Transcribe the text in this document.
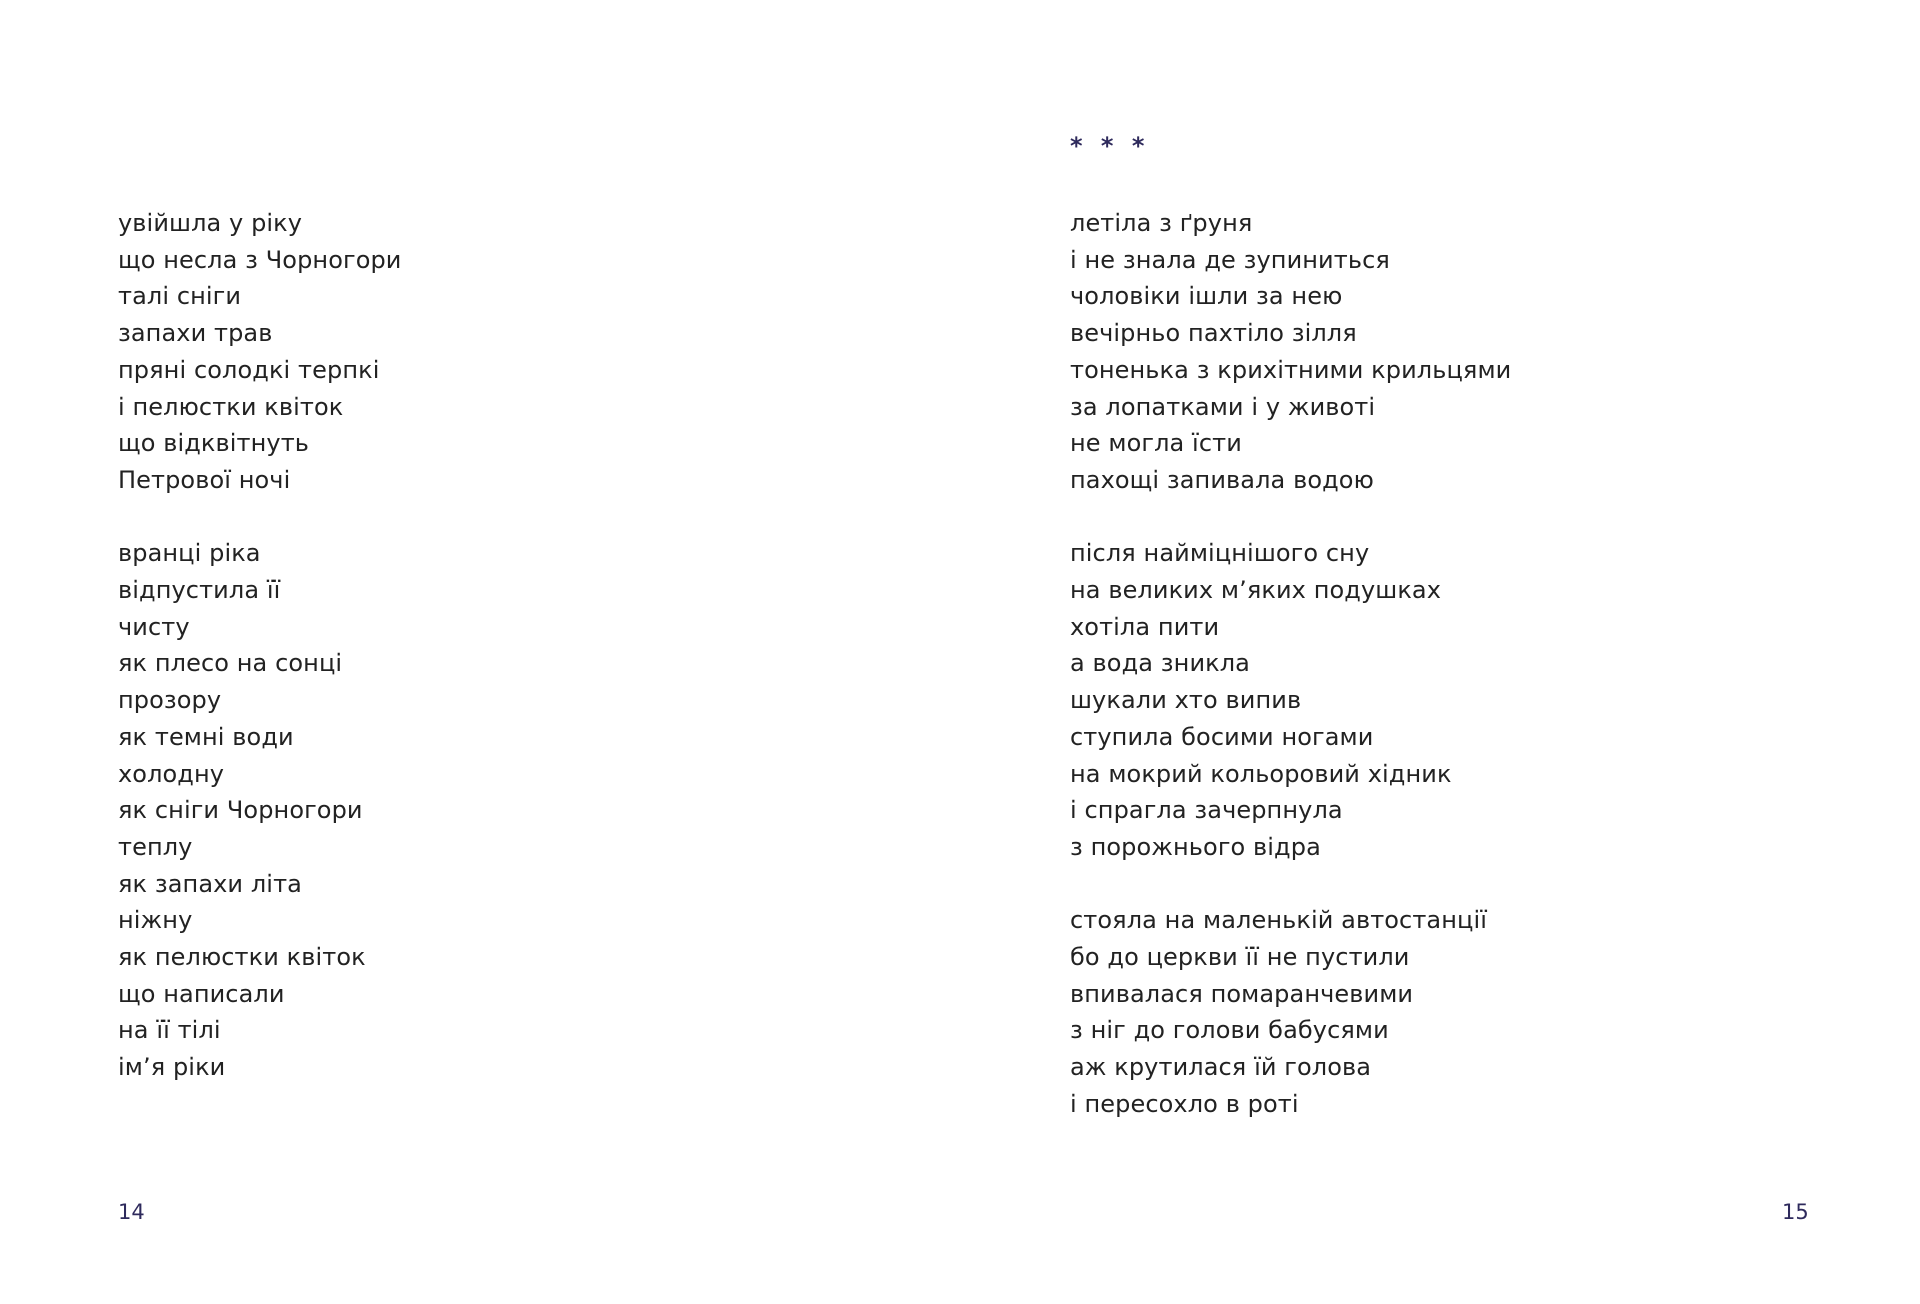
увійшла у ріку
що несла з Чорногори
талі сніги
запахи трав
пряні солодкі терпкі
і пелюстки квіток
що відквітнуть
Петрової ночі
вранці ріка
відпустила її
чисту
як плесо на сонці
прозору
як темні води
холодну
як сніги Чорногори
теплу
як запахи літа
ніжну
як пелюстки квіток
що написали
на її тілі
ім’я ріки
14
* * *
летіла з ґруня
і не знала де зупиниться
чоловіки ішли за нею
вечірньо пахтіло зілля
тоненька з крихітними крильцями
за лопатками і у животі
не могла їсти
пахощі запивала водою
після найміцнішого сну
на великих м’яких подушках
хотіла пити
а вода зникла
шукали хто випив
ступила босими ногами
на мокрий кольоровий хідник
і спрагла зачерпнула
з порожнього відра
стояла на маленькій автостанції
бо до церкви її не пустили
впивалася помаранчевими
з ніг до голови бабусями
аж крутилася їй голова
і пересохло в роті
15
